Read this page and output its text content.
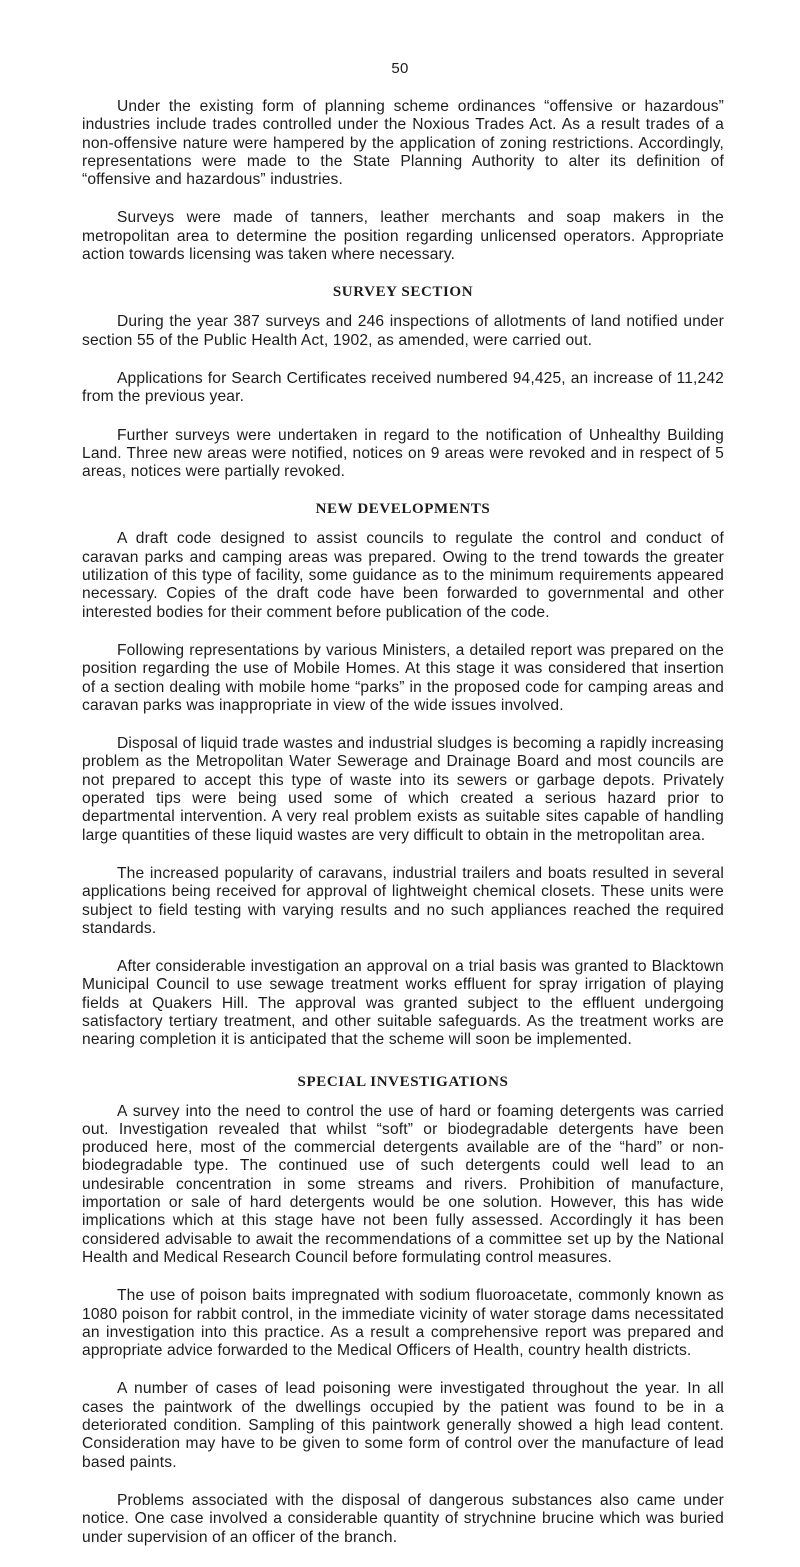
50

Under the existing form of planning scheme ordinances “offensive or hazardous” industries include trades controlled under the Noxious Trades Act. As a result trades of a non-offensive nature were hampered by the application of zoning restrictions. Accordingly, representations were made to the State Planning Authority to alter its definition of “offensive and hazardous” industries.

Surveys were made of tanners, leather merchants and soap makers in the metropolitan area to determine the position regarding unlicensed operators. Appropriate action towards licensing was taken where necessary.

SURVEY SECTION

During the year 387 surveys and 246 inspections of allotments of land notified under section 55 of the Public Health Act, 1902, as amended, were carried out.

Applications for Search Certificates received numbered 94,425, an increase of 11,242 from the previous year.

Further surveys were undertaken in regard to the notification of Unhealthy Building Land. Three new areas were notified, notices on 9 areas were revoked and in respect of 5 areas, notices were partially revoked.

NEW DEVELOPMENTS

A draft code designed to assist councils to regulate the control and conduct of caravan parks and camping areas was prepared. Owing to the trend towards the greater utilization of this type of facility, some guidance as to the minimum requirements appeared necessary. Copies of the draft code have been forwarded to governmental and other interested bodies for their comment before publication of the code.

Following representations by various Ministers, a detailed report was prepared on the position regarding the use of Mobile Homes. At this stage it was considered that insertion of a section dealing with mobile home “parks” in the proposed code for camping areas and caravan parks was inappropriate in view of the wide issues involved.

Disposal of liquid trade wastes and industrial sludges is becoming a rapidly increasing problem as the Metropolitan Water Sewerage and Drainage Board and most councils are not prepared to accept this type of waste into its sewers or garbage depots. Privately operated tips were being used some of which created a serious hazard prior to departmental intervention. A very real problem exists as suitable sites capable of handling large quantities of these liquid wastes are very difficult to obtain in the metropolitan area.

The increased popularity of caravans, industrial trailers and boats resulted in several applications being received for approval of lightweight chemical closets. These units were subject to field testing with varying results and no such appliances reached the required standards.

After considerable investigation an approval on a trial basis was granted to Blacktown Municipal Council to use sewage treatment works effluent for spray irrigation of playing fields at Quakers Hill. The approval was granted subject to the effluent undergoing satisfactory tertiary treatment, and other suitable safeguards. As the treatment works are nearing completion it is anticipated that the scheme will soon be implemented.

SPECIAL INVESTIGATIONS

A survey into the need to control the use of hard or foaming detergents was carried out. Investigation revealed that whilst “soft” or biodegradable detergents have been produced here, most of the commercial detergents available are of the “hard” or non-biodegradable type. The continued use of such detergents could well lead to an undesirable concentration in some streams and rivers. Prohibition of manufacture, importation or sale of hard detergents would be one solution. However, this has wide implications which at this stage have not been fully assessed. Accordingly it has been considered advisable to await the recommendations of a committee set up by the National Health and Medical Research Council before formulating control measures.

The use of poison baits impregnated with sodium fluoroacetate, commonly known as 1080 poison for rabbit control, in the immediate vicinity of water storage dams necessitated an investigation into this practice. As a result a comprehensive report was prepared and appropriate advice forwarded to the Medical Officers of Health, country health districts.

A number of cases of lead poisoning were investigated throughout the year. In all cases the paintwork of the dwellings occupied by the patient was found to be in a deteriorated condition. Sampling of this paintwork generally showed a high lead content. Consideration may have to be given to some form of control over the manufacture of lead based paints.

Problems associated with the disposal of dangerous substances also came under notice. One case involved a considerable quantity of strychnine brucine which was buried under supervision of an officer of the branch.
